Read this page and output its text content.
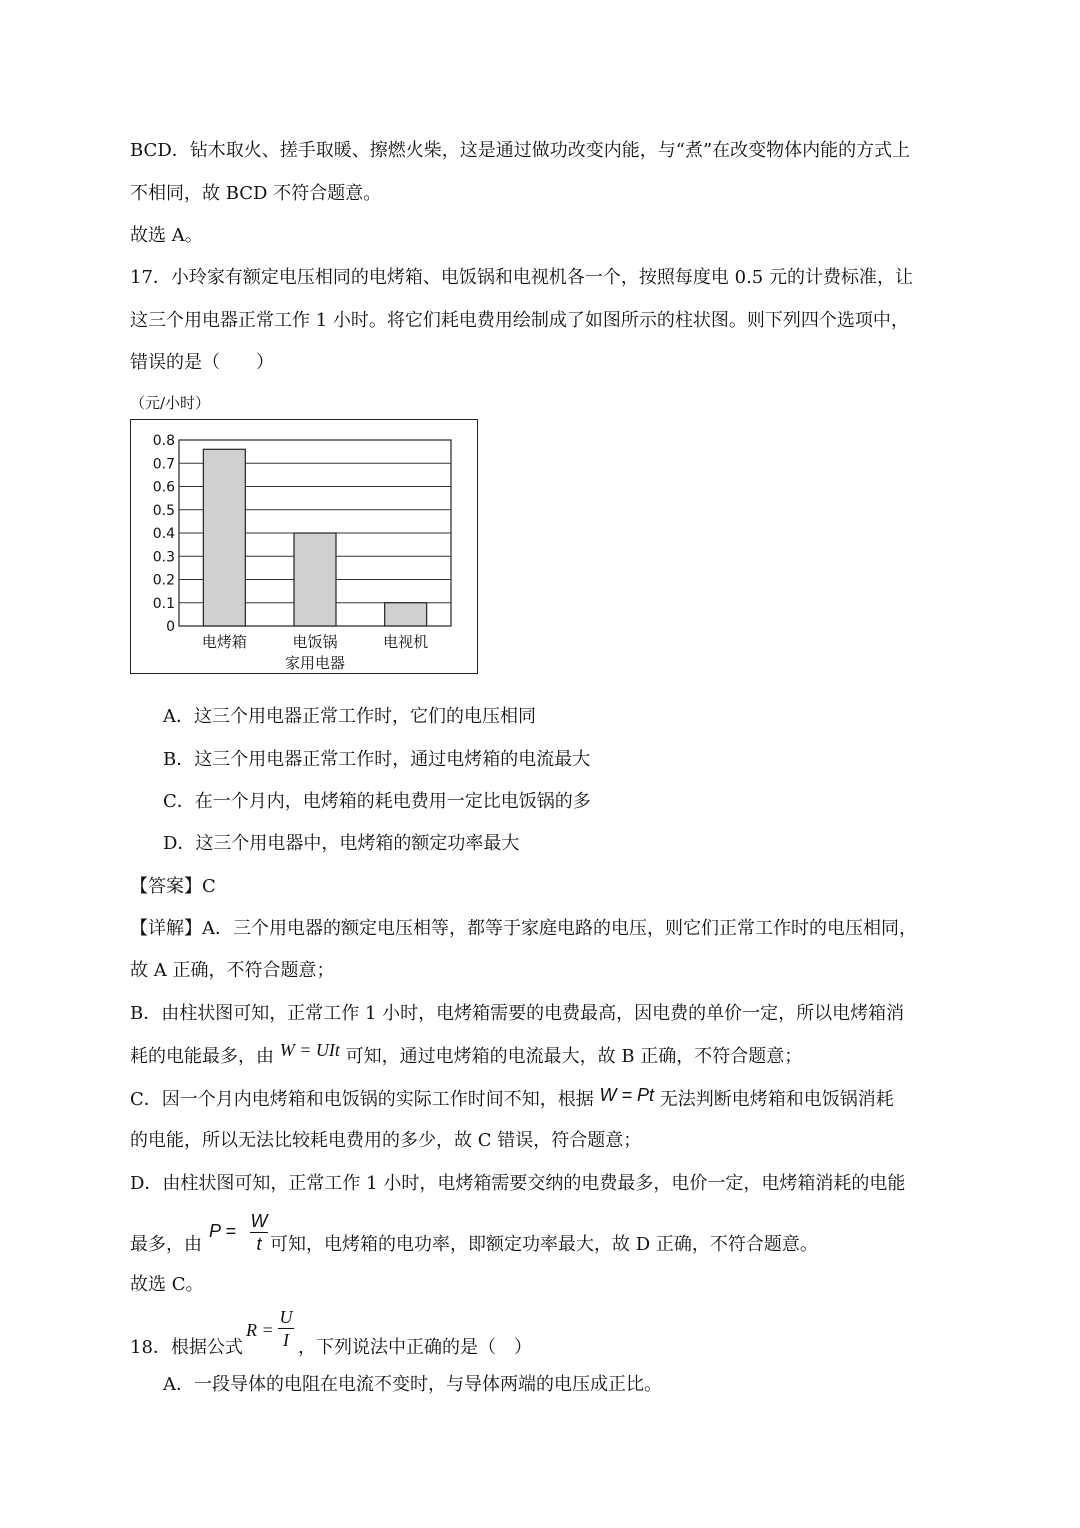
BCD．钻木取火、搓手取暖、擦燃火柴，这是通过做功改变内能，与“煮”在改变物体内能的方式上
不相同，故 BCD 不符合题意。
故选 A。
17．小玲家有额定电压相同的电烤箱、电饭锅和电视机各一个，按照每度电 0.5 元的计费标准，让
这三个用电器正常工作 1 小时。将它们耗电费用绘制成了如图所示的柱状图。则下列四个选项中，
错误的是（　　）
（元/小时）
0
0.1
0.2
0.3
0.4
0.5
0.6
0.7
0.8
电烤箱	电饭锅	电视机
家用电器
A．这三个用电器正常工作时，它们的电压相同
B．这三个用电器正常工作时，通过电烤箱的电流最大
C．在一个月内，电烤箱的耗电费用一定比电饭锅的多
D．这三个用电器中，电烤箱的额定功率最大
【答案】C
【详解】A．三个用电器的额定电压相等，都等于家庭电路的电压，则它们正常工作时的电压相同，
故 A 正确，不符合题意；
B．由柱状图可知，正常工作 1 小时，电烤箱需要的电费最高，因电费的单价一定，所以电烤箱消
耗的电能最多，由 W = UIt 可知，通过电烤箱的电流最大，故 B 正确，不符合题意；
C．因一个月内电烤箱和电饭锅的实际工作时间不知，根据 W = Pt 无法判断电烤箱和电饭锅消耗
的电能，所以无法比较耗电费用的多少，故 C 错误，符合题意；
D．由柱状图可知，正常工作 1 小时，电烤箱需要交纳的电费最多，电价一定，电烤箱消耗的电能
最多，由
P = W
t 可知，电烤箱的电功率，即额定功率最大，故 D 正确，不符合题意。
故选 C。
18．根据公式
R =
U
I ，下列说法中正确的是（　）
A．一段导体的电阻在电流不变时，与导体两端的电压成正比。
